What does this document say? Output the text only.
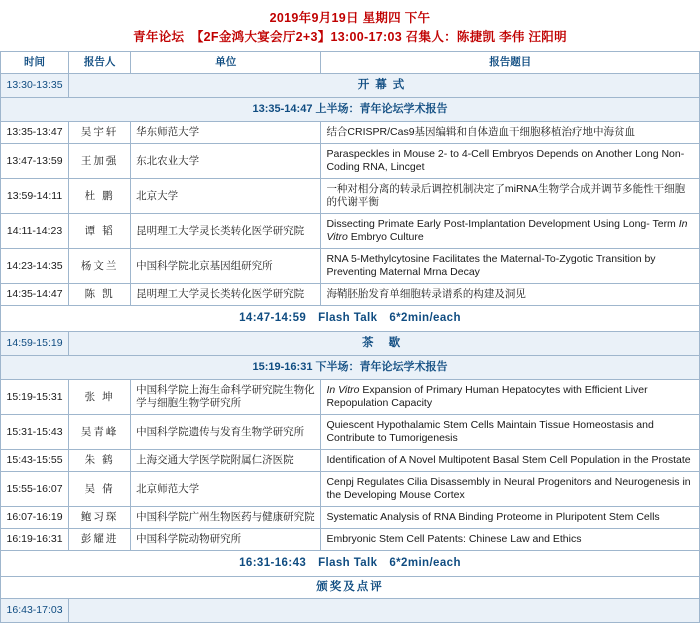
2019年9月19日 星期四 下午
青年论坛　【2F金鸿大宴会厅2+3】13:00-17:03 召集人：陈捷凯 李伟 汪阳明
时间	报告人	单位	报告题目
13:30-13:35	开幕式		
13:35-14:47 上半场：青年论坛学术报告			
13:35-13:47	吴宇轩	华东师范大学	结合CRISPR/Cas9基因编辑和自体造血干细胞移植治疗地中海贫血
13:47-13:59	王加强	东北农业大学	Paraspeckles in Mouse 2- to 4-Cell Embryos Depends on Another Long Non-Coding RNA, Lincget
13:59-14:11	杜 鹏	北京大学	一种对相分离的转录后调控机制决定了miRNA生物学合成并调节多能性干细胞的代谢平衡
14:11-14:23	谭 韬	昆明理工大学灵长类转化医学研究院	Dissecting Primate Early Post-Implantation Development Using Long- Term In Vitro Embryo Culture
14:23-14:35	杨文兰	中国科学院北京基因组研究所	RNA 5-Methylcytosine Facilitates the Maternal-To-Zygotic Transition by Preventing Maternal Mrna Decay
14:35-14:47	陈 凯	昆明理工大学灵长类转化医学研究院	海鞘胚胎发育单细胞转录谱系的构建及洞见
14:47-14:59　Flash Talk　6*2min/each			
14:59-15:19	茶 歇		
15:19-16:31 下半场：青年论坛学术报告			
15:19-15:31	张 坤	中国科学院上海生命科学研究院生物化学与细胞生物学研究所	In Vitro Expansion of Primary Human Hepatocytes with Efficient Liver Repopulation Capacity
15:31-15:43	吴青峰	中国科学院遗传与发育生物学研究所	Quiescent Hypothalamic Stem Cells Maintain Tissue Homeostasis and Contribute to Tumorigenesis
15:43-15:55	朱 鹤	上海交通大学医学院附属仁济医院	Identification of A Novel Multipotent Basal Stem Cell Population in the Prostate
15:55-16:07	吴 倩	北京师范大学	Cenpj Regulates Cilia Disassembly in Neural Progenitors and Neurogenesis in the Developing Mouse Cortex
16:07-16:19	鲍习琛	中国科学院广州生物医药与健康研究院	Systematic Analysis of RNA Binding Proteome in Pluripotent Stem Cells
16:19-16:31	彭耀进	中国科学院动物研究所	Embryonic Stem Cell Patents: Chinese Law and Ethics
16:31-16:43　Flash Talk　6*2min/each			
颁奖及点评			
16:43-17:03			
